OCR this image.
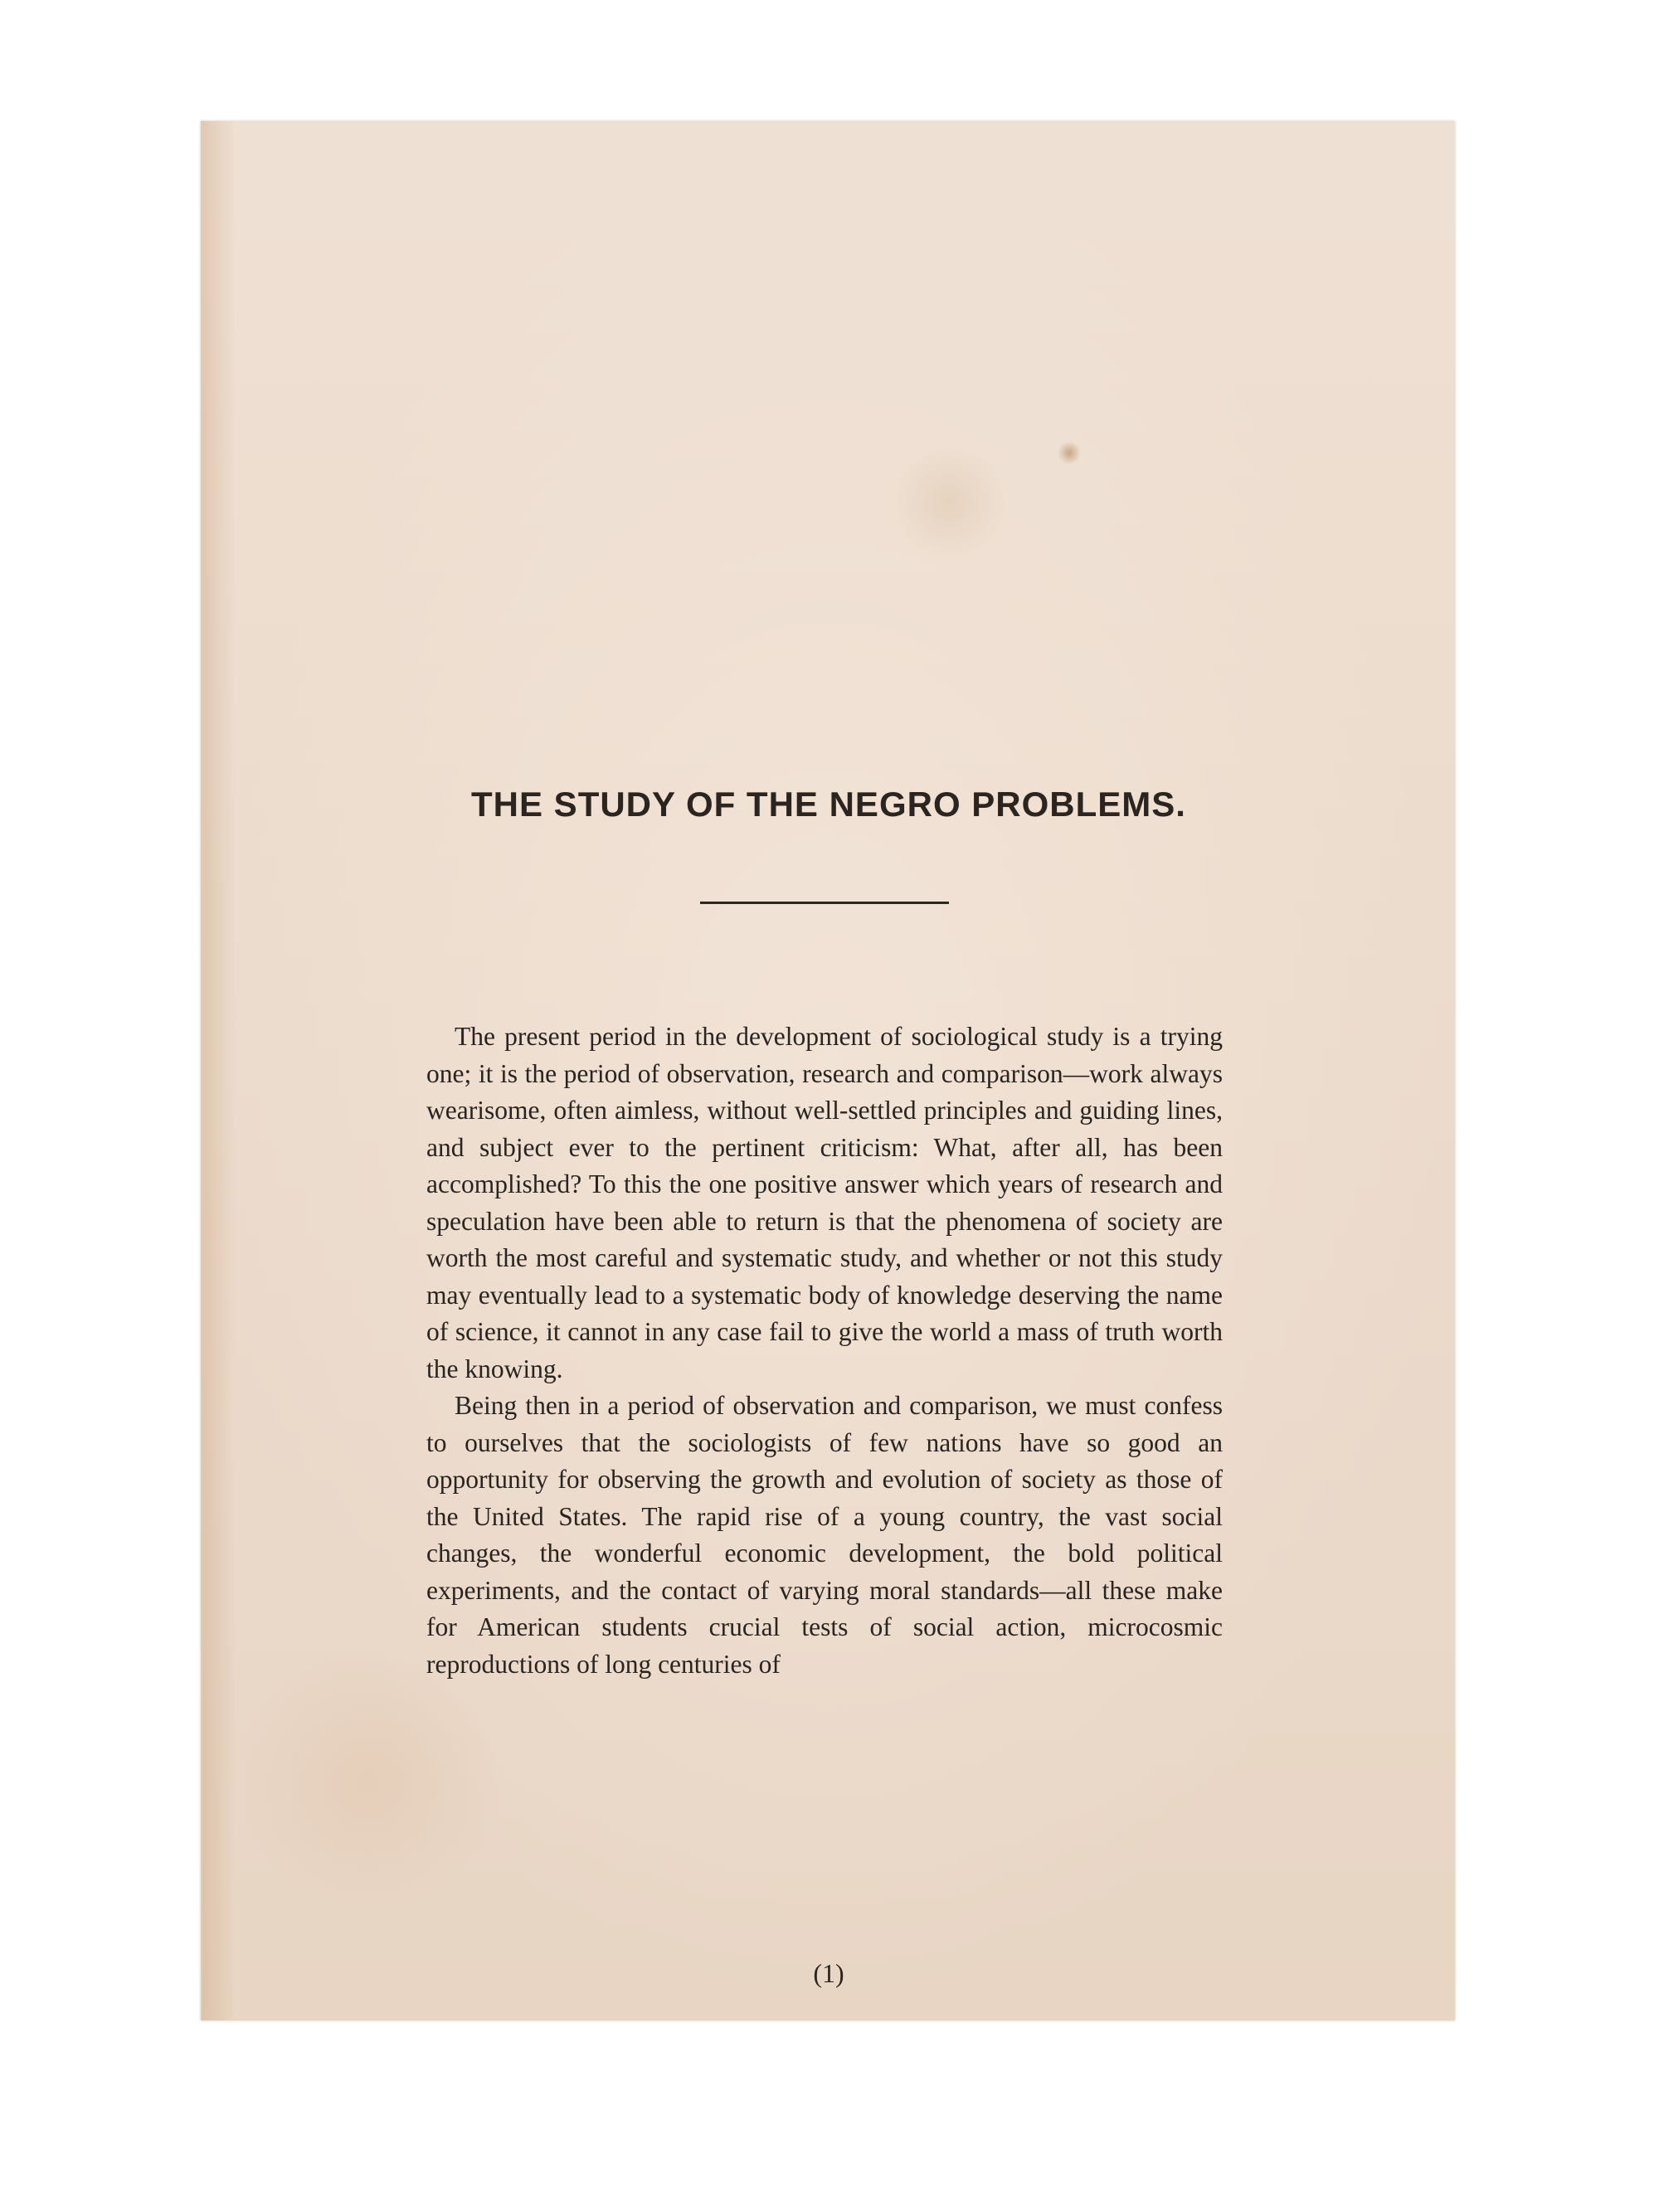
THE STUDY OF THE NEGRO PROBLEMS.

The present period in the development of sociological study is a trying one; it is the period of observation, research and comparison—work always wearisome, often aimless, without well-settled principles and guiding lines, and subject ever to the pertinent criticism: What, after all, has been accomplished? To this the one positive answer which years of research and speculation have been able to return is that the phenomena of society are worth the most careful and systematic study, and whether or not this study may eventually lead to a systematic body of knowledge deserving the name of science, it cannot in any case fail to give the world a mass of truth worth the knowing.

Being then in a period of observation and comparison, we must confess to ourselves that the sociologists of few nations have so good an opportunity for observing the growth and evolution of society as those of the United States. The rapid rise of a young country, the vast social changes, the wonderful economic development, the bold political experiments, and the contact of varying moral standards—all these make for American students crucial tests of social action, microcosmic reproductions of long centuries of

(1)
